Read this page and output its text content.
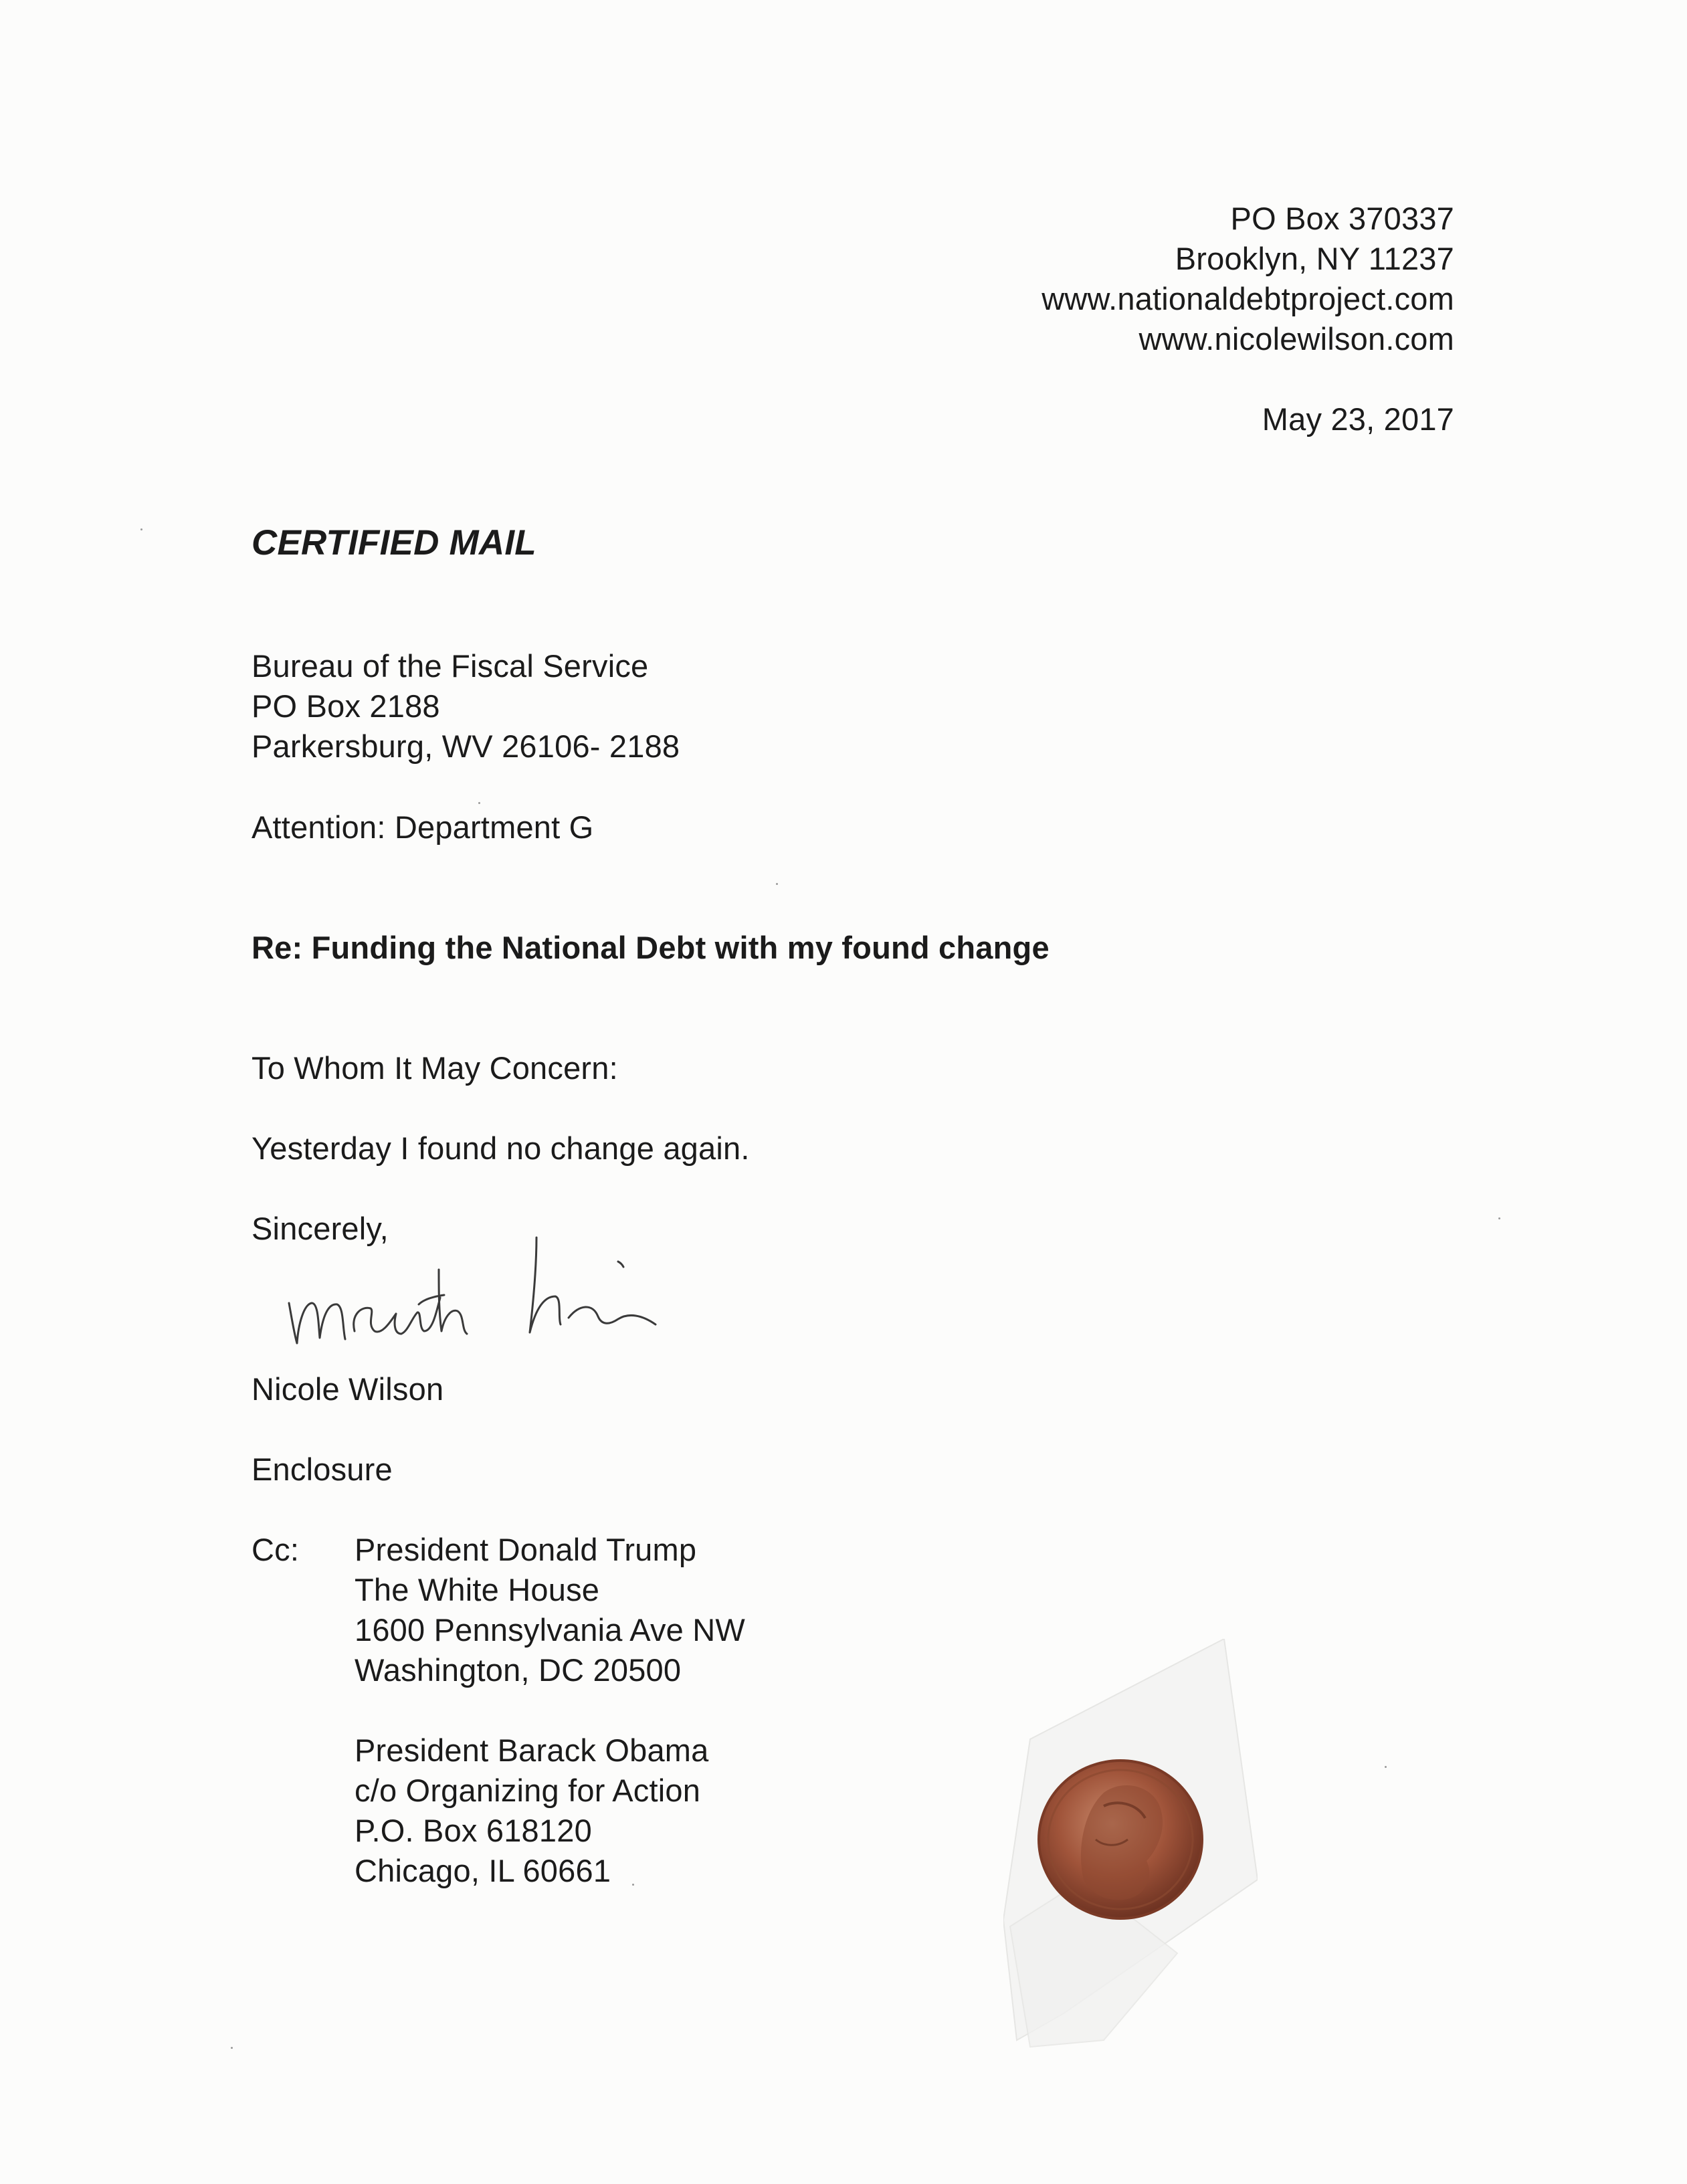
PO Box 370337
Brooklyn, NY 11237
www.nationaldebtproject.com
www.nicolewilson.com
May 23, 2017
CERTIFIED MAIL
Bureau of the Fiscal Service
PO Box 2188
Parkersburg, WV 26106- 2188
Attention: Department G
Re: Funding the National Debt with my found change
To Whom It May Concern:
Yesterday I found no change again.
Sincerely,
Nicole Wilson
Enclosure
Cc: President Donald Trump
The White House
1600 Pennsylvania Ave NW
Washington, DC 20500
President Barack Obama
c/o Organizing for Action
P.O. Box 618120
Chicago, IL 60661
